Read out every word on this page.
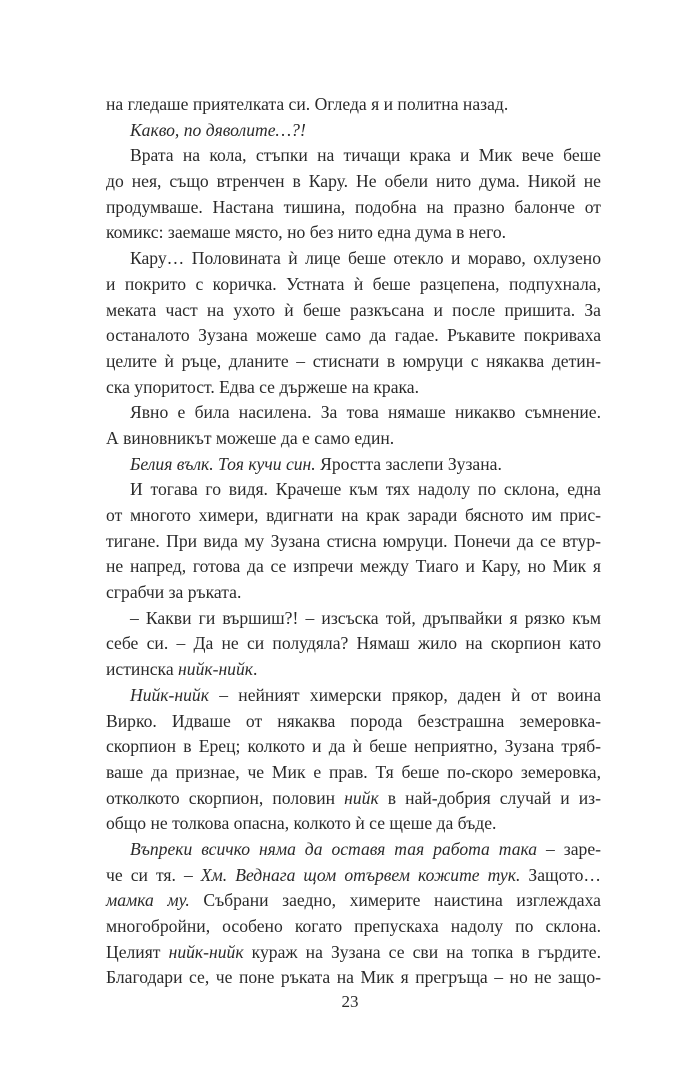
на гледаше приятелката си. Огледа я и политна назад.
Какво, по дяволите…?!
Врата на кола, стъпки на тичащи крака и Мик вече беше
до нея, също втренчен в Кару. Не обели нито дума. Никой не
продумваше. Настана тишина, подобна на празно балонче от
комикс: заемаше място, но без нито една дума в него.
Кару… Половината ѝ лице беше отекло и мораво, охлузено
и покрито с коричка. Устната ѝ беше разцепена, подпухнала,
меката част на ухото ѝ беше разкъсана и после пришита. За
останалото Зузана можеше само да гадае. Ръкавите покриваха
целите ѝ ръце, дланите – стиснати в юмруци с някаква детин-
ска упоритост. Едва се държеше на крака.
Явно е била насилена. За това нямаше никакво съмнение.
А виновникът можеше да е само един.
Белия вълк. Тоя кучи син. Яростта заслепи Зузана.
И тогава го видя. Крачеше към тях надолу по склона, една
от многото химери, вдигнати на крак заради бясното им прис-
тигане. При вида му Зузана стисна юмруци. Понечи да се втур-
не напред, готова да се изпречи между Тиаго и Кару, но Мик я
сграбчи за ръката.
– Какви ги вършиш?! – изсъска той, дръпвайки я рязко към
себе си. – Да не си полудяла? Нямаш жило на скорпион като
истинска нийк-нийк.
Нийк-нийк – нейният химерски прякор, даден ѝ от воина
Вирко. Идваше от някаква порода безстрашна земеровка-
скорпион в Ерец; колкото и да ѝ беше неприятно, Зузана тряб-
ваше да признае, че Мик е прав. Тя беше по-скоро земеровка,
отколкото скорпион, половин нийк в най-добрия случай и из-
общо не толкова опасна, колкото ѝ се щеше да бъде.
Въпреки всичко няма да оставя тая работа така – заре-
че си тя. – Хм. Веднага щом отървем кожите тук. Защото…
мамка му. Събрани заедно, химерите наистина изглеждаха
многобройни, особено когато препускаха надолу по склона.
Целият нийк-нийк кураж на Зузана се сви на топка в гърдите.
Благодари се, че поне ръката на Мик я прегръща – но не защо-
23
